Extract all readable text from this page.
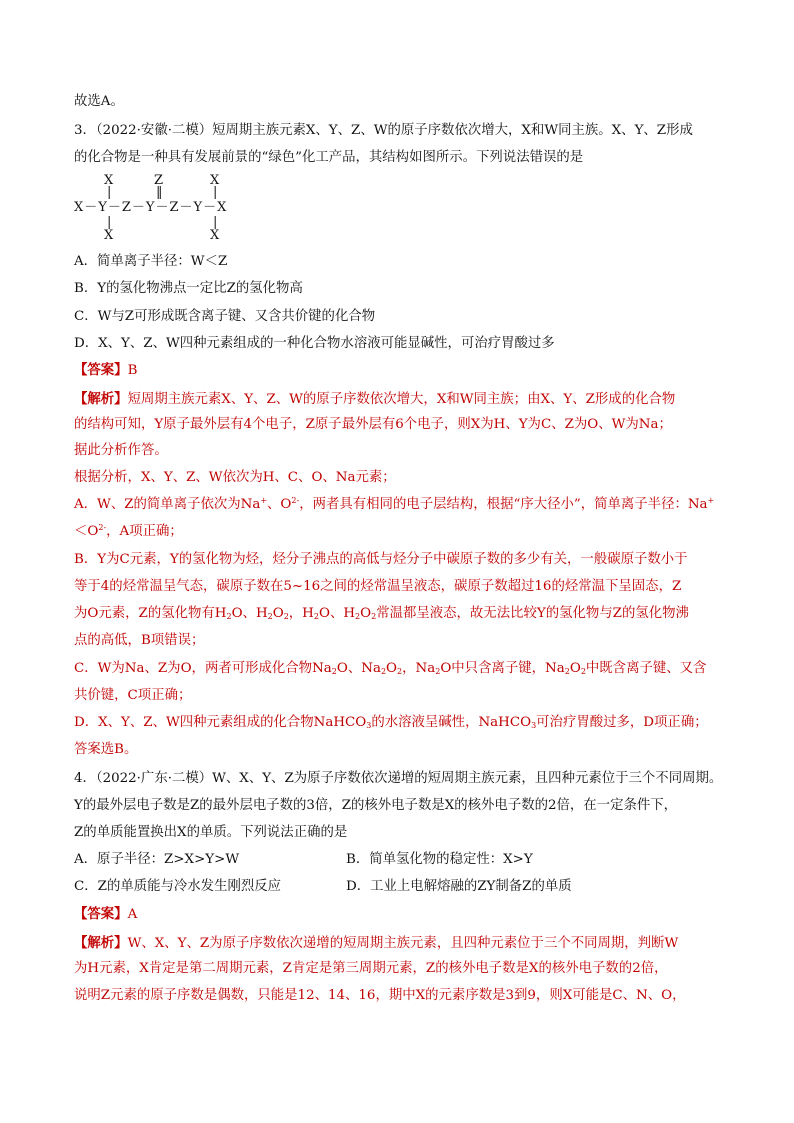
故选A。
3．（2022·安徽·二模）短周期主族元素X、Y、Z、W的原子序数依次增大，X和W同主族。X、Y、Z形成
的化合物是一种具有发展前景的“绿色”化工产品，其结构如图所示。下列说法错误的是
X	Z	X
|	‖	|
X－Y－Z－Y－Z－Y－X
|	|
X	X
A．简单离子半径：W＜Z
B．Y的氢化物沸点一定比Z的氢化物高
C．W与Z可形成既含离子键、又含共价键的化合物
D．X、Y、Z、W四种元素组成的一种化合物水溶液可能显碱性，可治疗胃酸过多
【答案】B
【解析】短周期主族元素X、Y、Z、W的原子序数依次增大，X和W同主族；由X、Y、Z形成的化合物
的结构可知，Y原子最外层有4个电子，Z原子最外层有6个电子，则X为H、Y为C、Z为O、W为Na；
据此分析作答。
根据分析，X、Y、Z、W依次为H、C、O、Na元素；
A．W、Z的简单离子依次为Na+、$O^{2-}$，两者具有相同的电子层结构，根据“序大径小”，简单离子半径：Na+
$<O^{2-}$，A项正确；
B．Y为C元素，Y的氢化物为烃，烃分子沸点的高低与烃分子中碳原子数的多少有关，一般碳原子数小于
等于4的烃常温呈气态，碳原子数在5~16之间的烃常温呈液态，碳原子数超过16的烃常温下呈固态，Z
为O元素，Z的氢化物有$H_2O$、$H_2O_2$，$H_2O$、$H_2O_2$常温都呈液态，故无法比较Y的氢化物与Z的氢化物沸
点的高低，B项错误；
C．W为Na、Z为O，两者可形成化合物$Na_2O$、$Na_2O_2$，$Na_2O$中只含离子键，$Na_2O_2$中既含离子键、又含
共价键，C项正确；
D．X、Y、Z、W四种元素组成的化合物NaHCO$_3$的水溶液呈碱性，NaHCO$_3$可治疗胃酸过多，D项正确；
答案选B。
4．（2022·广东·二模）W、X、Y、Z为原子序数依次递增的短周期主族元素，且四种元素位于三个不同周期。
Y的最外层电子数是Z的最外层电子数的3倍，Z的核外电子数是X的核外电子数的2倍，在一定条件下，
Z的单质能置换出X的单质。下列说法正确的是
A．原子半径：Z>X>Y>W	B．简单氢化物的稳定性：X>Y
C．Z的单质能与冷水发生刚烈反应	D．工业上电解熔融的ZY制备Z的单质
【答案】A
【解析】W、X、Y、Z为原子序数依次递增的短周期主族元素，且四种元素位于三个不同周期，判断W
为H元素，X肯定是第二周期元素，Z肯定是第三周期元素，Z的核外电子数是X的核外电子数的2倍，
说明Z元素的原子序数是偶数，只能是12、14、16，期中X的元素序数是3到9，则X可能是C、N、O，
